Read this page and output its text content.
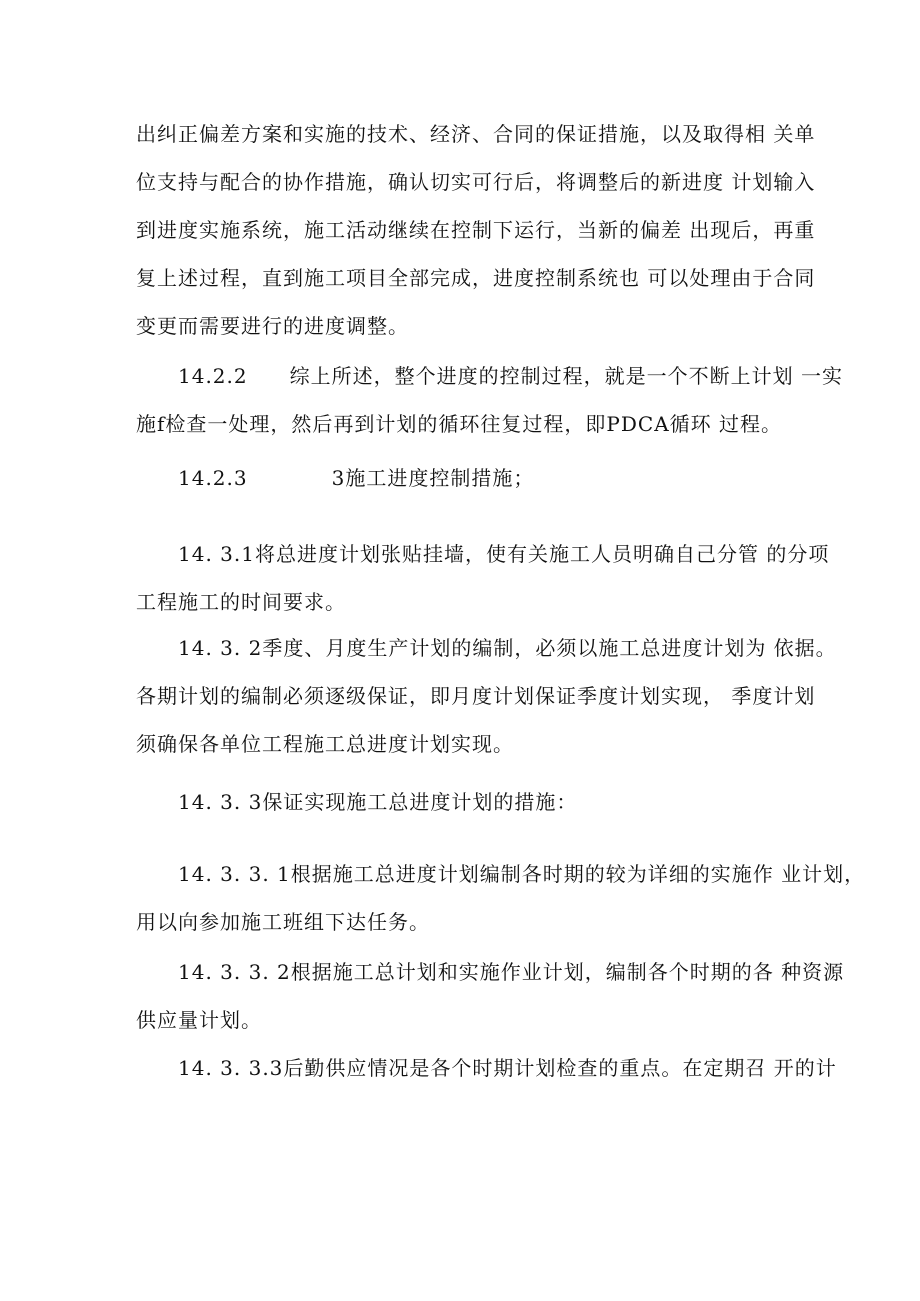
出纠正偏差方案和实施的技术、经济、合同的保证措施，以及取得相 关单
位支持与配合的协作措施，确认切实可行后，将调整后的新进度 计划输入
到进度实施系统，施工活动继续在控制下运行，当新的偏差 出现后，再重
复上述过程，直到施工项目全部完成，进度控制系统也 可以处理由于合同
变更而需要进行的进度调整。
14.2.2　　综上所述，整个进度的控制过程，就是一个不断上计划 一实
施f检查一处理，然后再到计划的循环往复过程，即PDCA循环 过程。
14.2.3　　　　3施工进度控制措施；
14. 3.1将总进度计划张贴挂墙，使有关施工人员明确自己分管 的分项
工程施工的时间要求。
14. 3. 2季度、月度生产计划的编制，必须以施工总进度计划为 依据。
各期计划的编制必须逐级保证，即月度计划保证季度计划实现， 季度计划
须确保各单位工程施工总进度计划实现。
14. 3. 3保证实现施工总进度计划的措施：
14. 3. 3. 1根据施工总进度计划编制各时期的较为详细的实施作 业计划，
用以向参加施工班组下达任务。
14. 3. 3. 2根据施工总计划和实施作业计划，编制各个时期的各 种资源
供应量计划。
14. 3. 3.3后勤供应情况是各个时期计划检查的重点。在定期召 开的计
